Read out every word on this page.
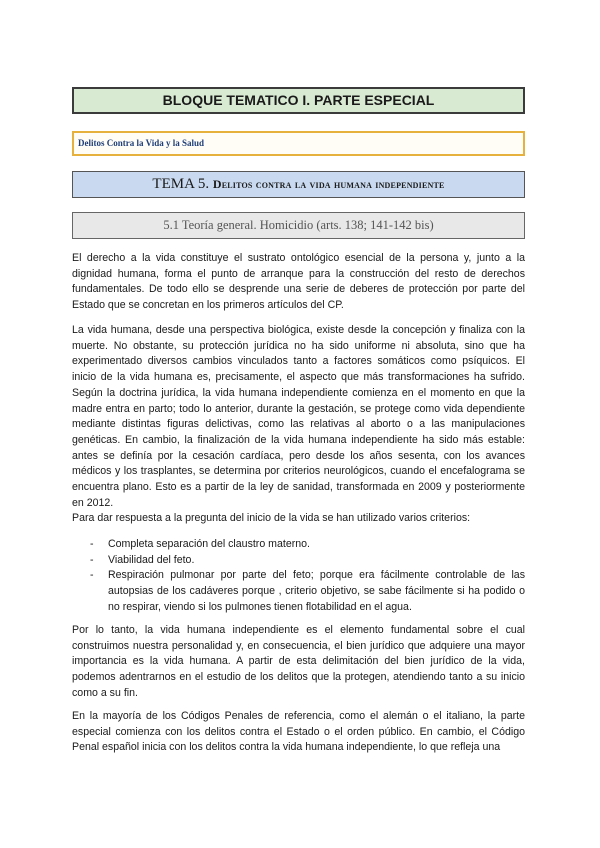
BLOQUE TEMATICO I. PARTE ESPECIAL
Delitos Contra la Vida y la Salud
TEMA 5. Delitos contra la vida humana independiente
5.1 Teoría general. Homicidio (arts. 138; 141-142 bis)

El derecho a la vida constituye el sustrato ontológico esencial de la persona y, junto a la dignidad humana, forma el punto de arranque para la construcción del resto de derechos fundamentales. De todo ello se desprende una serie de deberes de protección por parte del Estado que se concretan en los primeros artículos del CP.

La vida humana, desde una perspectiva biológica, existe desde la concepción y finaliza con la muerte. No obstante, su protección jurídica no ha sido uniforme ni absoluta, sino que ha experimentado diversos cambios vinculados tanto a factores somáticos como psíquicos. El inicio de la vida humana es, precisamente, el aspecto que más transformaciones ha sufrido. Según la doctrina jurídica, la vida humana independiente comienza en el momento en que la madre entra en parto; todo lo anterior, durante la gestación, se protege como vida dependiente mediante distintas figuras delictivas, como las relativas al aborto o a las manipulaciones genéticas. En cambio, la finalización de la vida humana independiente ha sido más estable: antes se definía por la cesación cardíaca, pero desde los años sesenta, con los avances médicos y los trasplantes, se determina por criterios neurológicos, cuando el encefalograma se encuentra plano. Esto es a partir de la ley de sanidad, transformada en 2009 y posteriormente en 2012.

Para dar respuesta a la pregunta del inicio de la vida se han utilizado varios criterios:

- Completa separación del claustro materno.
- Viabilidad del feto.
- Respiración pulmonar por parte del feto; porque era fácilmente controlable de las autopsias de los cadáveres porque , criterio objetivo, se sabe fácilmente si ha podido o no respirar, viendo si los pulmones tienen flotabilidad en el agua.

Por lo tanto, la vida humana independiente es el elemento fundamental sobre el cual construimos nuestra personalidad y, en consecuencia, el bien jurídico que adquiere una mayor importancia es la vida humana. A partir de esta delimitación del bien jurídico de la vida, podemos adentrarnos en el estudio de los delitos que la protegen, atendiendo tanto a su inicio como a su fin.

En la mayoría de los Códigos Penales de referencia, como el alemán o el italiano, la parte especial comienza con los delitos contra el Estado o el orden público. En cambio, el Código Penal español inicia con los delitos contra la vida humana independiente, lo que refleja una
